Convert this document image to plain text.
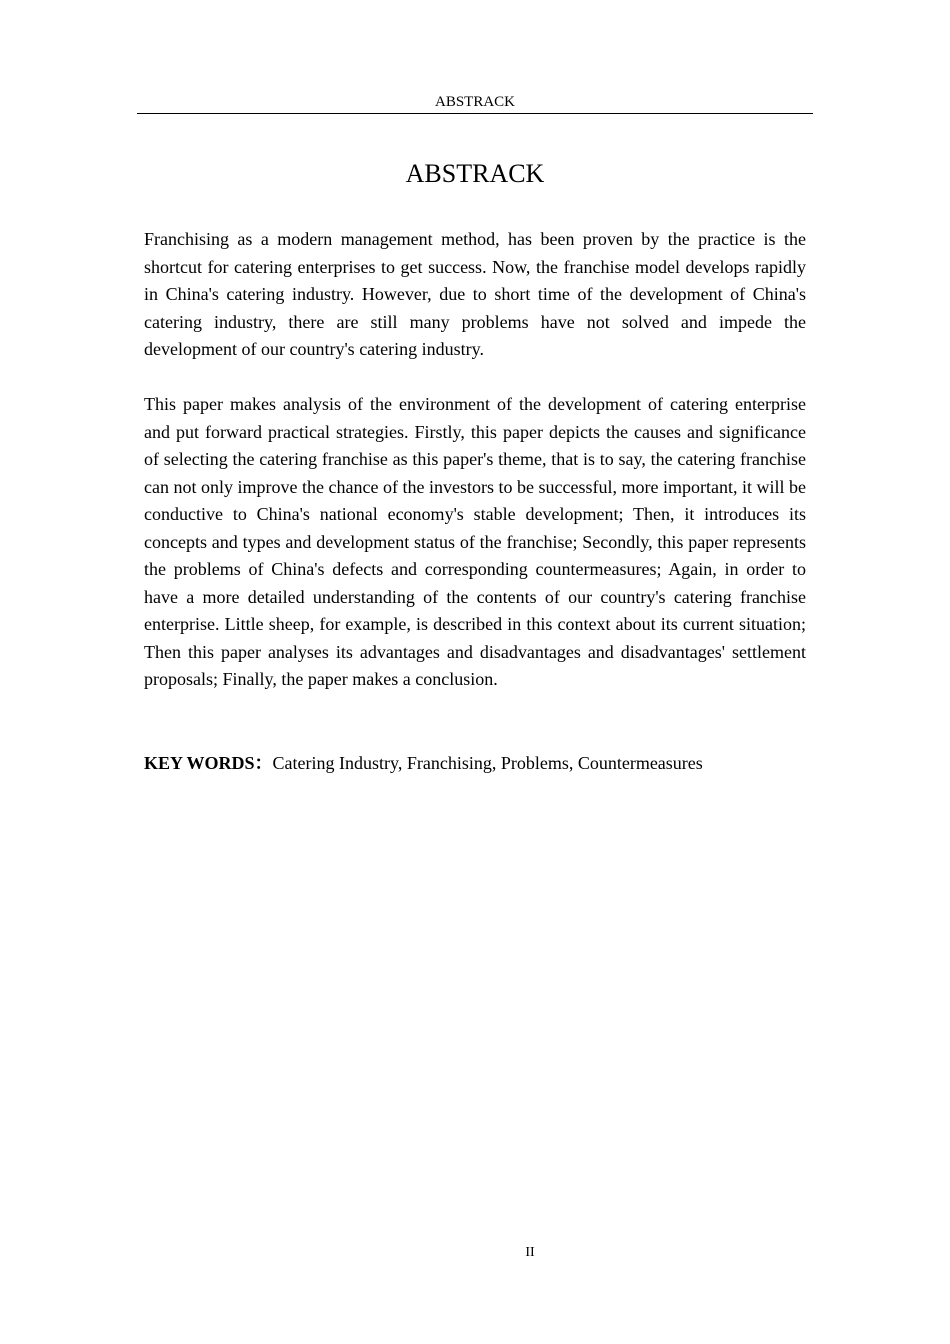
ABSTRACK
ABSTRACK

Franchising as a modern management method, has been proven by the practice is the shortcut for catering enterprises to get success. Now, the franchise model develops rapidly in China's catering industry. However, due to short time of the development of China's catering industry, there are still many problems have not solved and impede the development of our country's catering industry.

This paper makes analysis of the environment of the development of catering enterprise and put forward practical strategies. Firstly, this paper depicts the causes and significance of selecting the catering franchise as this paper's theme, that is to say, the catering franchise can not only improve the chance of the investors to be successful, more important, it will be conductive to China's national economy's stable development; Then, it introduces its concepts and types and development status of the franchise; Secondly, this paper represents the problems of China's defects and corresponding countermeasures; Again, in order to have a more detailed understanding of the contents of our country's catering franchise enterprise. Little sheep, for example, is described in this context about its current situation; Then this paper analyses its advantages and disadvantages and disadvantages' settlement proposals; Finally, the paper makes a conclusion.

KEY WORDS：Catering Industry, Franchising, Problems, Countermeasures

II
